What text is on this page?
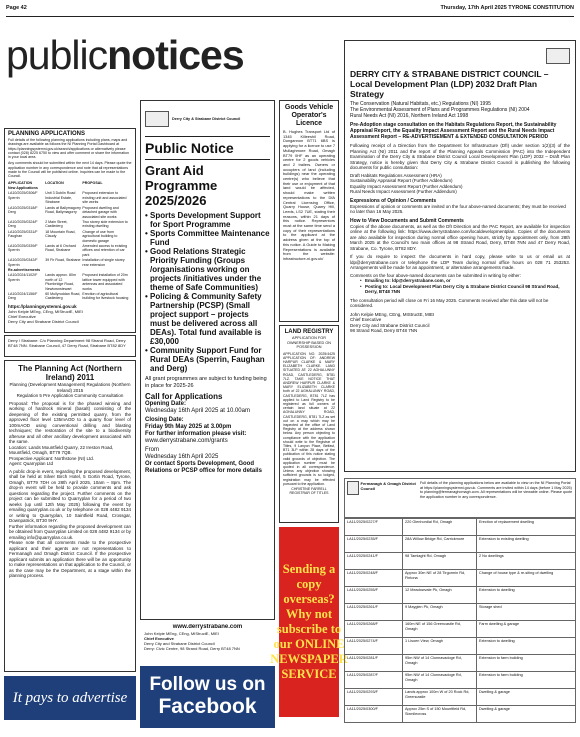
Page 42	Thursday, 17th April 2025 TYRONE CONSTITUTION
publicnotices
PLANNING APPLICATIONS
Full details of the following planning applications including plans, maps and drawings are available as follows the NI Planning Portal Dashboard at https://planningsystemni.gov.uk/search/applications or alternatively please contact (028) 8225 6750 to view and offer comment or share the information in your local area.
Any comments should be submitted within the next 14 days. Please quote the application number in any correspondence and note that all representations made to the Council will be published online. Inquiries can be made to the Council.
APPLICATION	LOCATION	PROPOSAL
New Applications		
LA10/2025/0306/F Sperrin	Unit 3 Dublin Road Industrial Estate, Strabane	Proposed extension to existing unit and associated site works
LA10/2025/0318/F Derg	Lands at Ballymagorry Road, Ballymagorry	Proposed dwelling and detached garage with associated site works
LA10/2025/0324/F Derg	2 Main Street, Castlederg	Two storey side extension to existing dwelling
LA10/2025/0331/F Faughan	18 Mountain Road, Claudy	Change of use from agricultural building to domestic garage
LA10/2025/0339/F Sperrin	Lands at 6 Orchard Road, Strabane	Amended access to existing offices and retention of car park
LA10/2025/0342/F Sperrin	39 Fir Road, Strabane	Installation of single storey rear extension
Re-advertisements		
LA10/2024/1102/F Sperrin	Lands approx. 80m north of 12 Plumbridge Road, Newtownstewart	Proposed installation of 20m lattice tower equipped with antennas and associated works
LA10/2024/1156/F Derg	60 Mullyroddan Road, Castlederg	Erection of agricultural building for livestock housing
https://planningsystemni.gov.uk
John Kelpie MEng, CEng, MIStructE, MIEI
Chief Executive
Derry City and Strabane District Council
Derry / Strabane: C/o Planning Department 98 Strand Road, Derry BT48 7NN. Strabane Council, 47 Derry Road, Strabane BT82 8DY
The Planning Act (Northern Ireland) 2011
Planning (Development Management) Regulations (Northern Ireland) 2015
Regulation 5 Pre Application Community Consultation
Proposal: The proposal is for the phased winning and working of hardrock mineral (basalt) consisting of the deepening of the existing permitted quarry, from the approved floor level 135mAOD to a quarry floor level of 100mAOD using conventional drilling and blasting techniques; the restoration of the site to a biodiversity afteruse and all other ancillary development associated with the same.
Location: Lands Mountfield Quarry, 22 Ireston Road, Mountfield, Omagh, BT79 7QB.
Prospective Applicant: Northstone (NI) Ltd.
Agent: Quarryplan Ltd
A public drop-in event, regarding the proposed development, shall be held at Silver Birch Hotel, 5 Gortin Road, Tyrone, Omagh, BT79 7DH on 28th April 2025, 10am – 8pm. The drop-in event will be held to provide comments and ask questions regarding the project. Further comments on the project can be submitted to Quarryplan for a period of two weeks (up until 12th May 2025) following the event by emailing quarryplan.co.uk or by telephone on 028 4482 9134 or writing to Quarryplan, 10 Saintfield Road, Crossgar, Downpatrick, BT30 9HY.
Further information regarding the proposed development can be obtained from Quarryplan Limited on 028 4482 9134 or by emailing info@quarryplan.co.uk.
Please note that all comments made to the prospective applicant and their agents are not representations to Fermanagh and Omagh District Council. If the prospective applicant submits an application there will be an opportunity to make representations on that application to the Council, or as the case may be the Department, at a stage within the planning process.
It pays to advertise
Derry City & Strabane District Council
Public Notice
Grant Aid Programme 2025/2026
• Sports Development Support for Sport Programme
• Sports Committee Maintenance Fund
• Good Relations Strategic Priority Funding (Groups /organisations working on projects /initiatives under the theme of Safe Communities)
• Policing & Community Safety Partnership (PCSP) (Small project support – projects must be delivered across all DEAs). Total fund available is £30,000
• Community Support Fund for Rural DEAs (Sperrin, Faughan and Derg)
All grant programmes are subject to funding being in place for 2025-26
Call for Applications
Opening Date:
Wednesday 16th April 2025 at 10.00am
Closing Date:
Friday 9th May 2025 at 3.00pm
For further information please visit:
www.derrystrabane.com/grants
From
Wednesday 16th April 2025
Or contact Sports Development, Good Relations or PCSP office for more details
www.derrystrabane.com
John Kelpie MEng, CEng, MIStructE, MIEI
Chief Executive
Derry City and Strabane District Council
Derry: Civic Centre, 98 Strand Road, Derry BT48 7NN
Follow us on
Facebook
Goods Vehicle Operator's Licence
B. Hughes Transport Ltd of 1345 Killeeshil Road, Dungannon BT71 6BS is applying for a licence to use 7 Mullaghmore Road, Omagh BT79 0HF as an operating centre for 2 goods vehicles and 2 trailers. Owners or occupiers of land (including buildings) near the operating centre(s) who believe that their use or enjoyment of that land would be affected, should make written representations to the DfA Central Licensing Office, Quarry House, Quarry Hill, Leeds, LS2 7UE, stating their reasons, within 21 days of this notice. Representors must at the same time send a copy of their representations to the applicant at the address given at the top of this notice. A Guide to Making Representations is available from the website: infrastructure-ni.gov.uk/
LAND REGISTRY
APPLICATION FOR OWNERSHIP BASED ON POSSESSION
APPLICATION NO. 2025/4425 APPLICATION OF: ANDREW HARPUR CLARKE & MARY ELIZABETH CLARKE. LAND SITUATED AT: 22 AGHALUNNY ROAD, CASTLEDERG, BT81 7LZ. TAKE NOTICE THAT ANDREW HARPUR CLARKE & MARY ELIZABETH CLARKE both of 22 AGHALUNNY ROAD, CASTLEDERG, BT81 7LZ has applied to Land Registry to be registered as full owners of certain land situate at 22 AGHALUNNY ROAD, CASTLEDERG, BT81 7LZ as set out on a map which may be inspected at the office of Land Registry at the address shown below. Any person objecting to compliance with the application should write to the Registrar of Titles, 9 Lanyon Place, Belfast, BT1 3LP within 28 days of the publication of this notice stating valid grounds of objection. The application number must be quoted in all correspondence. Unless any objection showing sufficient grounds is so lodged, registration may be effected pursuant to the application.
CHRISTINE FARRELL
REGISTRAR OF TITLES
Sending a copy overseas? Why not subscribe to our ONLINE NEWSPAPER SERVICE
DERRY CITY & STRABANE DISTRICT COUNCIL – Local Development Plan (LDP) 2032 Draft Plan Strategy
The Conservation (Natural Habitats, etc.) Regulations (NI) 1995
The Environmental Assessment of Plans and Programmes Regulations (NI) 2004
Rural Needs Act (NI) 2016, Northern Ireland Act 1998
Pre-Adoption stage consultation on the Habitats Regulations Report, the Sustainability Appraisal Report, the Equality Impact Assessment Report and the Rural Needs Impact Assessment Report – RE-ADVERTISEMENT & EXTENDED CONSULTATION PERIOD
Following receipt of a Direction from the Department for Infrastructure (DfI) under section 1(2)(3) of the Planning Act (NI) 2011 and the report of the Planning Appeals Commission (PAC) into the Independent Examination of the Derry City & Strabane District Council Local Development Plan (LDP) 2032 – Draft Plan Strategy, notice is hereby given that Derry City & Strabane District Council is publishing the following documents for public consultation:
Draft Habitats Regulations Assessment (HRA)
Sustainability Appraisal Report (Further Addendum)
Equality Impact Assessment Report (Further Addendum)
Rural Needs Impact Assessment (Further Addendum)
Expressions of Opinion / Comments
Expressions of opinion or comments are invited on the four above-named documents; they must be received no later than 16 May 2025.
How to View Documents and Submit Comments
Copies of the above documents, as well as the DfI Direction and the PAC Report, are available for inspection online at the following link: https://www.derrystrabane.com/localdevelopmentplan. Copies of the documents are also available for inspection during normal office opening hours, strictly by appointment only, from 28th March 2025 at the Council's two main offices at 98 Strand Road, Derry, BT48 7NN and 47 Derry Road, Strabane, Co. Tyrone, BT82 8DY.
If you do require to inspect the documents in hard copy, please write to us or email us at ldp@derrystrabane.com or telephone the LDP Team during normal office hours on 028 71 253253. Arrangements will be made for an appointment, or alternative arrangements made.
Comments on the four above-named documents can be submitted in writing by either:
• Emailing to: ldp@derrystrabane.com, or
• Posting to: Local Development Plan Derry City & Strabane District Council 98 Strand Road, Derry, BT48 7NN
The consultation period will close on Fri 16 May 2025. Comments received after this date will not be considered.
John Kelpie MEng, CEng, MIStructE, MIEI
Chief Executive
Derry City and Strabane District Council
98 Strand Road, Derry BT48 7NN
Fermanagh & Omagh District Council
Full details of the planning applications below are available to view on the NI Planning Portal at https://planningsystemni.gov.uk. Comments are invited within 14 days (before 1 May 2025) to planning@fermanaghomagh.com. All representations will be viewable online. Please quote the application number in any correspondence.
LA11/2025/0227/F	220 Glenhordial Rd, Omagh	Erection of replacement dwelling
LA11/2025/0235/F	28A Willow Bridge Rd, Carrickmore	Extension to existing dwelling
LA11/2025/0241/F	98 Tamlaght Rd, Omagh	2 No dwellings
LA11/2025/0248/F	Approx 30m NE of 28 Tirgormin Rd, Fintona	Change of house type & re-siting of dwelling
LA11/2025/0255/F	12 Meadowvale Pk, Omagh	Extension to dwelling
LA11/2025/0261/F	9 Mayglen Pk, Omagh	Storage shed
LA11/2025/0268/F	160m NE of 156 Greencastle Rd, Omagh	Farm dwelling & garage
LA11/2025/0274/F	1 Lisoen View, Omagh	Extension to dwelling
LA11/2025/0281/F	95m NW of 14 Clonnavadoge Rd, Omagh	Extension to farm building
LA11/2025/0287/F	95m NW of 14 Clonnavadoge Rd, Omagh	Extension to farm building
LA11/2025/0293/F	Lands approx 100m W of 20 Rock Rd, Greencastle	Dwelling & garage
LA11/2025/0300/F	Approx 25m S of 150 Mountfield Rd, Sixmilecross	Dwelling & garage
